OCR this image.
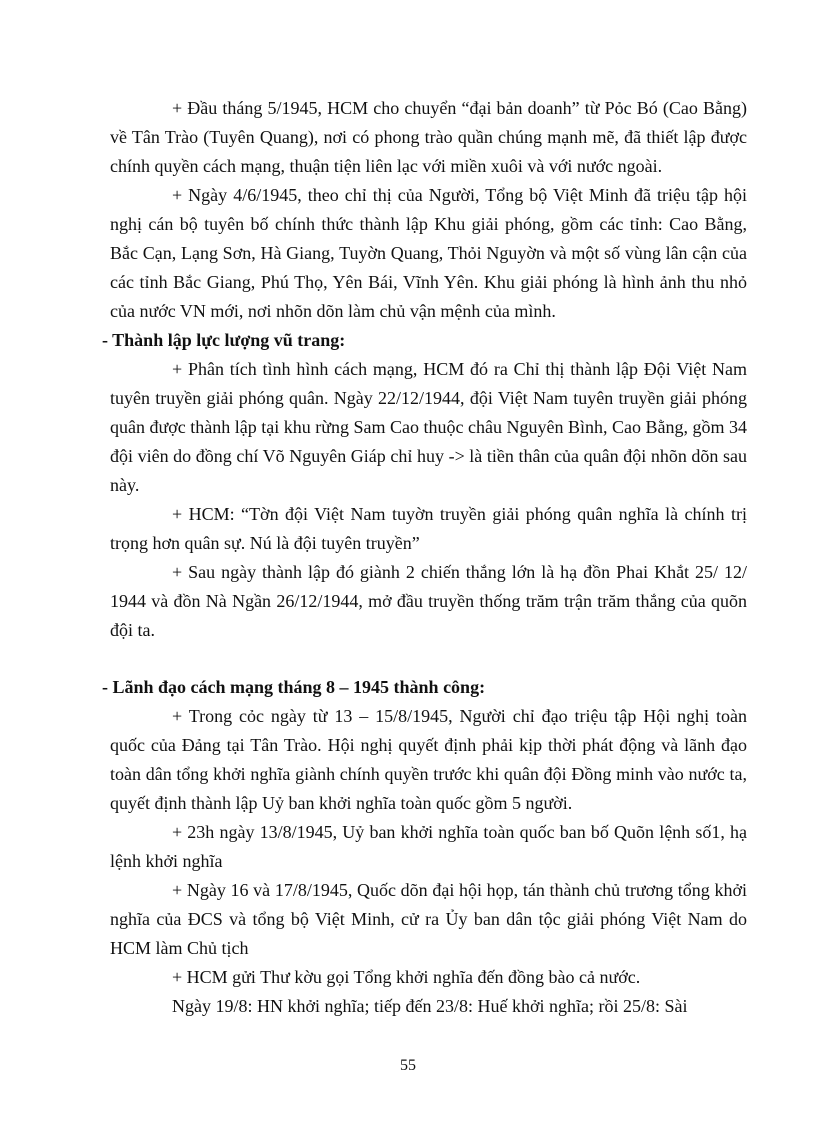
+ Đầu tháng 5/1945, HCM cho chuyển “đại bản doanh” từ Pỏc Bó (Cao Bằng) về Tân Trào (Tuyên Quang), nơi có phong trào quần chúng mạnh mẽ, đã thiết lập được chính quyền cách mạng, thuận tiện liên lạc với miền xuôi và với nước ngoài.

+ Ngày 4/6/1945, theo chỉ thị của Người, Tổng bộ Việt Minh đã triệu tập hội nghị cán bộ tuyên bố chính thức thành lập Khu giải phóng, gồm các tỉnh: Cao Bằng, Bắc Cạn, Lạng Sơn, Hà Giang, Tuyờn Quang, Thỏi Nguyờn và một số vùng lân cận của các tỉnh Bắc Giang, Phú Thọ, Yên Bái, Vĩnh Yên. Khu giải phóng là hình ảnh thu nhỏ của nước VN mới, nơi nhõn dõn làm chủ vận mệnh của mình.

- Thành lập lực lượng vũ trang:

+ Phân tích tình hình cách mạng, HCM đó ra Chỉ thị thành lập Đội Việt Nam tuyên truyền giải phóng quân. Ngày 22/12/1944, đội Việt Nam tuyên truyền giải phóng quân được thành lập tại khu rừng Sam Cao thuộc châu Nguyên Bình, Cao Bằng, gồm 34 đội viên do đồng chí Võ Nguyên Giáp chỉ huy -> là tiền thân của quân đội nhõn dõn sau này.

+ HCM: “Tờn đội Việt Nam tuyờn truyền giải phóng quân nghĩa là chính trị trọng hơn quân sự. Nú là đội tuyên truyền”

+ Sau ngày thành lập đó giành 2 chiến thắng lớn là hạ đồn Phai Khắt 25/ 12/ 1944 và đồn Nà Ngần 26/12/1944, mở đầu truyền thống trăm trận trăm thắng của quõn đội ta.

- Lãnh đạo cách mạng tháng 8 – 1945 thành công:

+ Trong cỏc ngày từ 13 – 15/8/1945, Người chỉ đạo triệu tập Hội nghị toàn quốc của Đảng tại Tân Trào. Hội nghị quyết định phải kịp thời phát động và lãnh đạo toàn dân tổng khởi nghĩa giành chính quyền trước khi quân đội Đồng minh vào nước ta, quyết định thành lập Uỷ ban khởi nghĩa toàn quốc gồm 5 người.

+ 23h ngày 13/8/1945, Uỷ ban khởi nghĩa toàn quốc ban bố Quõn lệnh số1, hạ lệnh khởi nghĩa

+ Ngày 16 và 17/8/1945, Quốc dõn đại hội họp, tán thành chủ trương tổng khởi nghĩa của ĐCS và tổng bộ Việt Minh, cử ra Ủy ban dân tộc giải phóng Việt Nam do HCM làm Chủ tịch

+ HCM gửi Thư kờu gọi Tổng khởi nghĩa đến đồng bào cả nước.

Ngày 19/8: HN khởi nghĩa; tiếp đến 23/8: Huế khởi nghĩa; rồi 25/8: Sài

55
